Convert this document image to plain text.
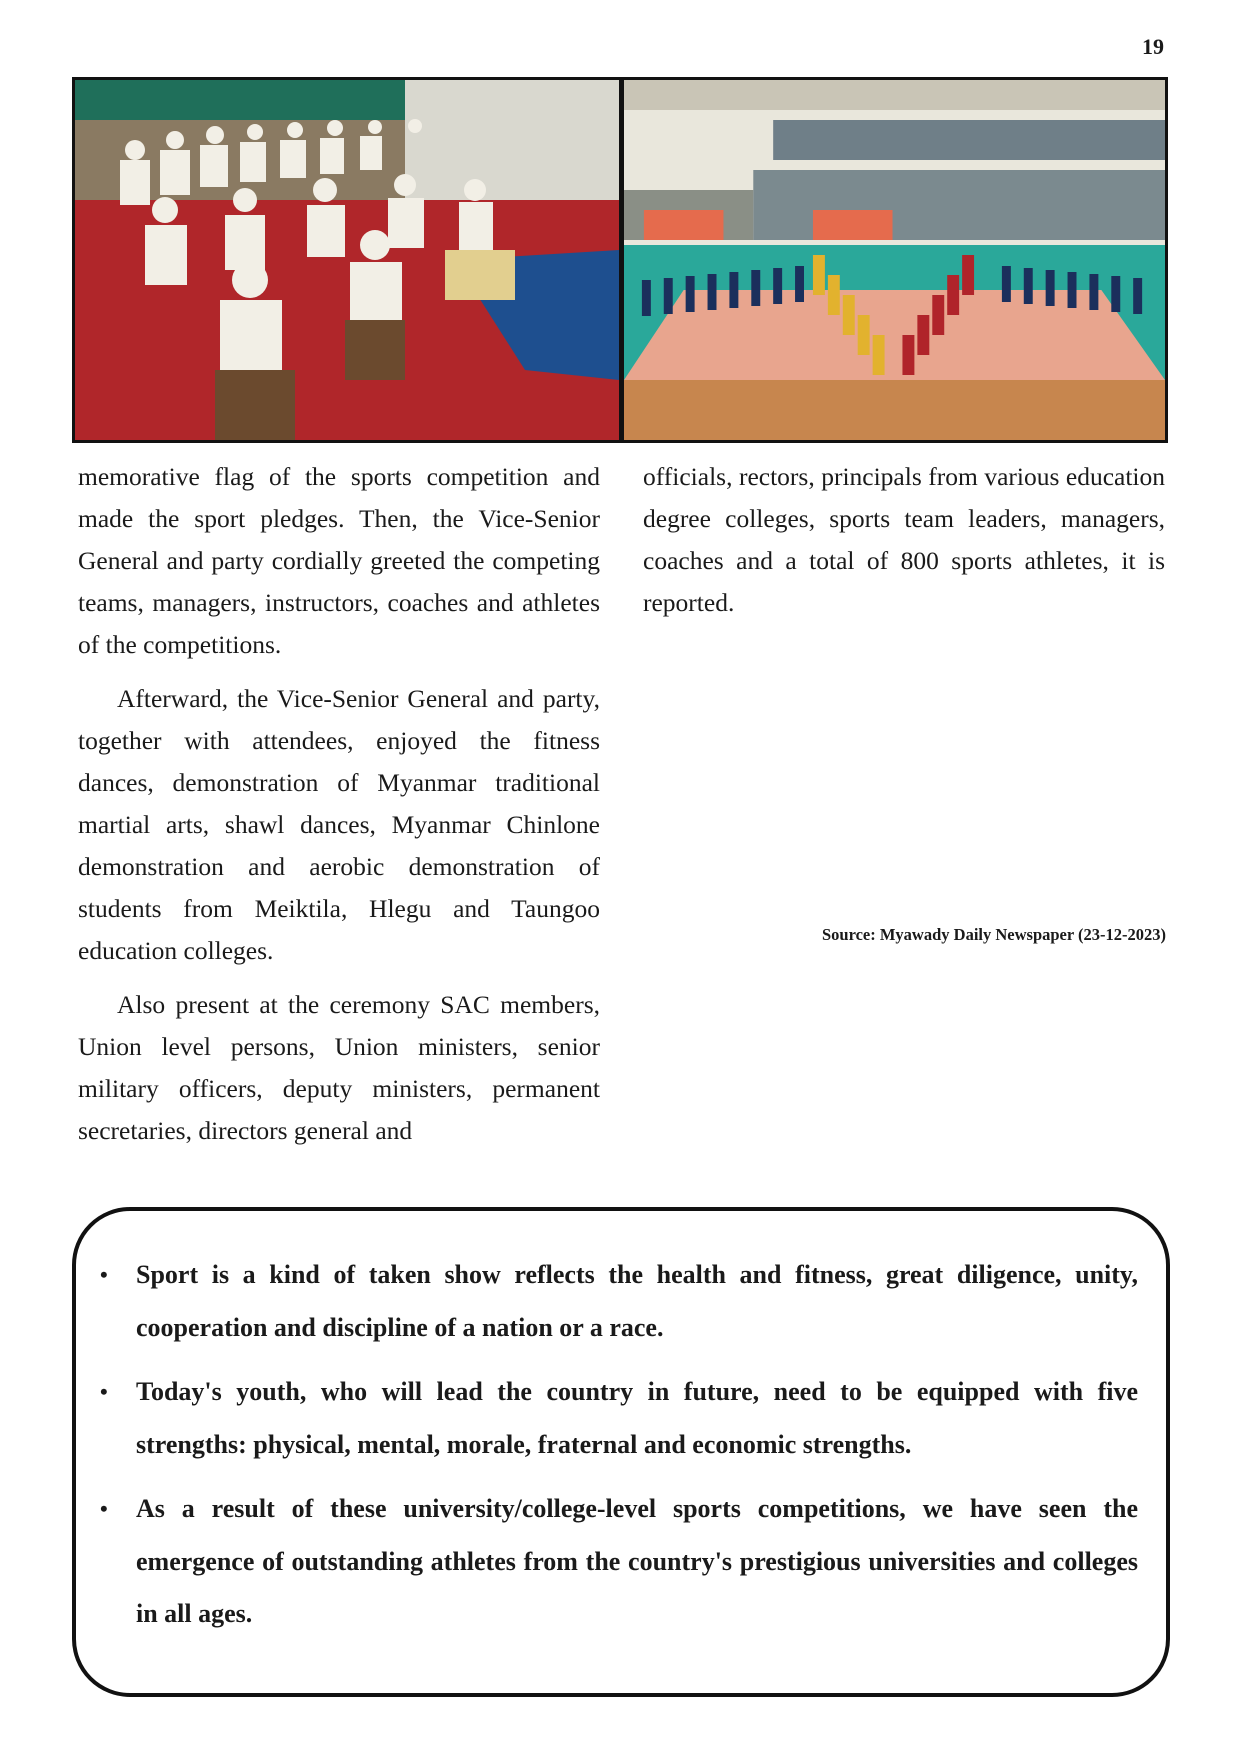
19

memorative flag of the sports competition and made the sport pledges. Then, the Vice-Senior General and party cordially greeted the competing teams, managers, instructors, coaches and athletes of the competitions.

Afterward, the Vice-Senior General and party, together with attendees, enjoyed the fitness dances, demonstration of Myanmar traditional martial arts, shawl dances, Myanmar Chinlone demonstration and aerobic demonstration of students from Meiktila, Hlegu and Taungoo education colleges.

Also present at the ceremony SAC members, Union level persons, Union ministers, senior military officers, deputy ministers, permanent secretaries, directors general and

officials, rectors, principals from various education degree colleges, sports team leaders, managers, coaches and a total of 800 sports athletes, it is reported.

Source: Myawady Daily Newspaper (23-12-2023)
• Sport is a kind of taken show reflects the health and fitness, great diligence, unity, cooperation and discipline of a nation or a race.
• Today's youth, who will lead the country in future, need to be equipped with five strengths: physical, mental, morale, fraternal and economic strengths.
• As a result of these university/college-level sports competitions, we have seen the emergence of outstanding athletes from the country's prestigious universities and colleges in all ages.
